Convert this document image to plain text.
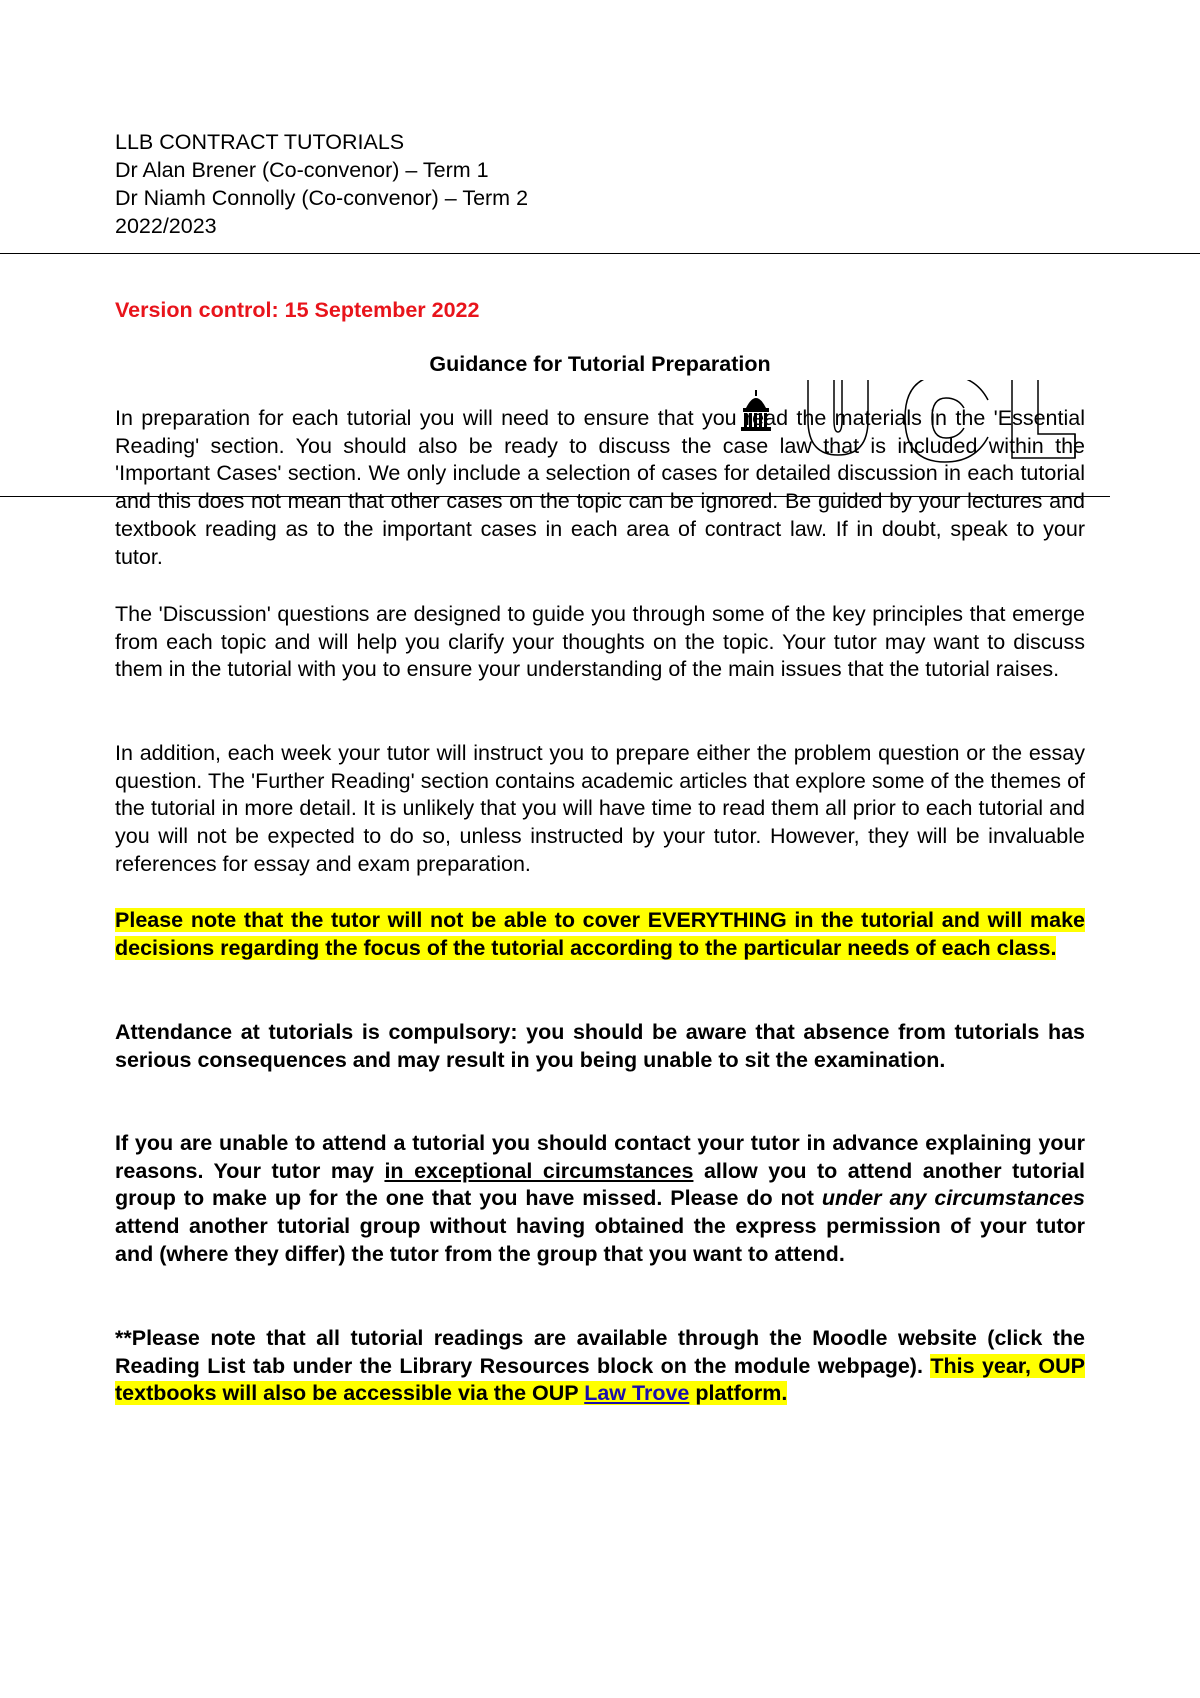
LLB CONTRACT TUTORIALS
Dr Alan Brener (Co-convenor) – Term 1
Dr Niamh Connolly (Co-convenor) – Term 2
2022/2023
Version control: 15 September 2022
Guidance for Tutorial Preparation

In preparation for each tutorial you will need to ensure that you read the materials in the 'Essential Reading' section. You should also be ready to discuss the case law that is included within the 'Important Cases' section. We only include a selection of cases for detailed discussion in each tutorial and this does not mean that other cases on the topic can be ignored. Be guided by your lectures and textbook reading as to the important cases in each area of contract law. If in doubt, speak to your tutor.

The 'Discussion' questions are designed to guide you through some of the key principles that emerge from each topic and will help you clarify your thoughts on the topic. Your tutor may want to discuss them in the tutorial with you to ensure your understanding of the main issues that the tutorial raises.

In addition, each week your tutor will instruct you to prepare either the problem question or the essay question. The 'Further Reading' section contains academic articles that explore some of the themes of the tutorial in more detail. It is unlikely that you will have time to read them all prior to each tutorial and you will not be expected to do so, unless instructed by your tutor. However, they will be invaluable references for essay and exam preparation.

Please note that the tutor will not be able to cover EVERYTHING in the tutorial and will make decisions regarding the focus of the tutorial according to the particular needs of each class.

Attendance at tutorials is compulsory: you should be aware that absence from tutorials has serious consequences and may result in you being unable to sit the examination.

If you are unable to attend a tutorial you should contact your tutor in advance explaining your reasons. Your tutor may in exceptional circumstances allow you to attend another tutorial group to make up for the one that you have missed. Please do not under any circumstances attend another tutorial group without having obtained the express permission of your tutor and (where they differ) the tutor from the group that you want to attend.

**Please note that all tutorial readings are available through the Moodle website (click the Reading List tab under the Library Resources block on the module webpage). This year, OUP textbooks will also be accessible via the OUP Law Trove platform.
